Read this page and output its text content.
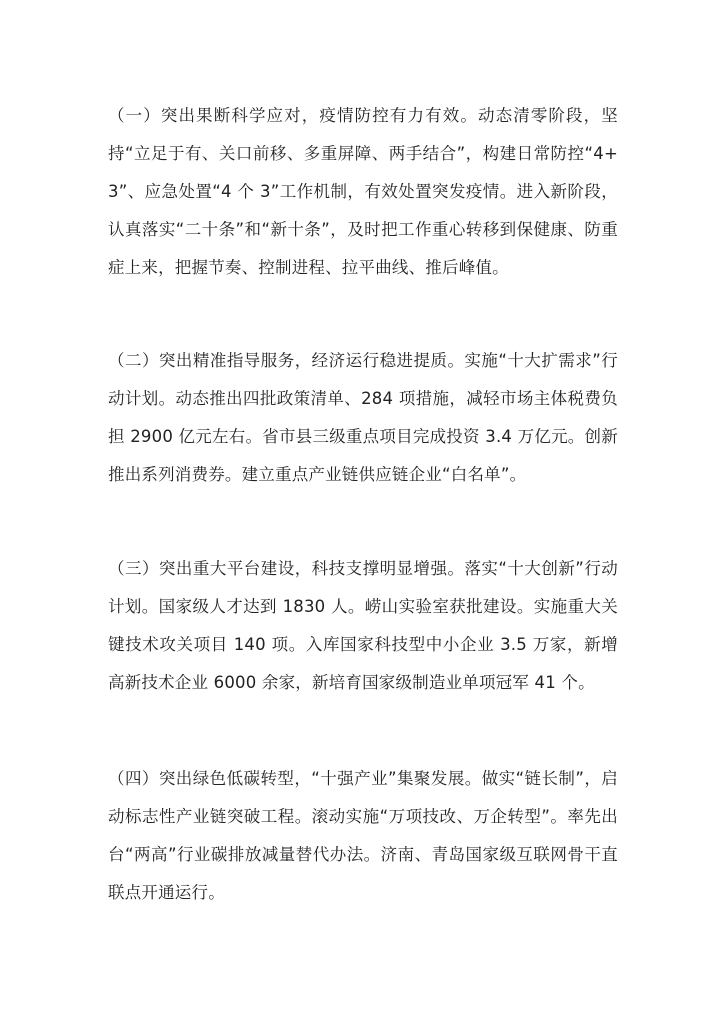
（一）突出果断科学应对，疫情防控有力有效。动态清零阶段，坚持“立足于有、关口前移、多重屏障、两手结合”，构建日常防控“4+3”、应急处置“4 个 3”工作机制，有效处置突发疫情。进入新阶段，认真落实“二十条”和“新十条”，及时把工作重心转移到保健康、防重症上来，把握节奏、控制进程、拉平曲线、推后峰值。

（二）突出精准指导服务，经济运行稳进提质。实施“十大扩需求”行动计划。动态推出四批政策清单、284 项措施，减轻市场主体税费负担 2900 亿元左右。省市县三级重点项目完成投资 3.4 万亿元。创新推出系列消费券。建立重点产业链供应链企业“白名单”。

（三）突出重大平台建设，科技支撑明显增强。落实“十大创新”行动计划。国家级人才达到 1830 人。崂山实验室获批建设。实施重大关键技术攻关项目 140 项。入库国家科技型中小企业 3.5 万家，新增高新技术企业 6000 余家，新培育国家级制造业单项冠军 41 个。

（四）突出绿色低碳转型，“十强产业”集聚发展。做实“链长制”，启动标志性产业链突破工程。滚动实施“万项技改、万企转型”。率先出台“两高”行业碳排放减量替代办法。济南、青岛国家级互联网骨干直联点开通运行。
